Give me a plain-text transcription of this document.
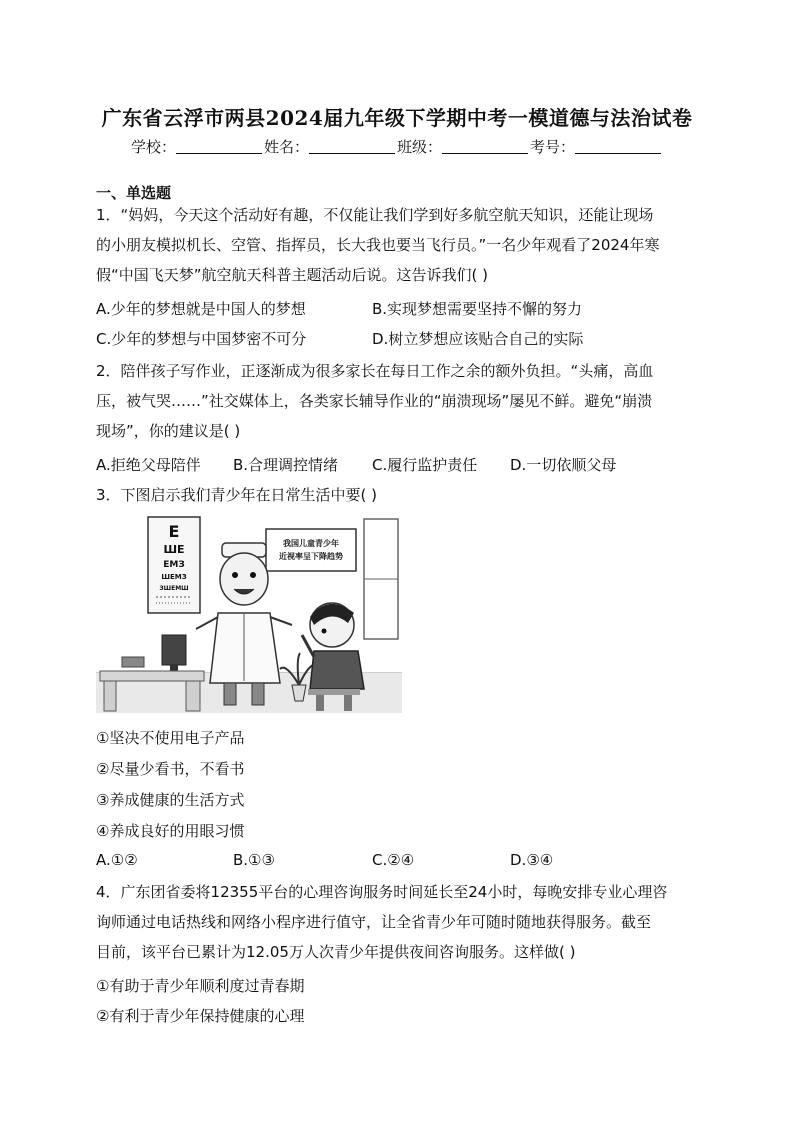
广东省云浮市两县2024届九年级下学期中考一模道德与法治试卷
学校：	姓名：	班级：	考号：
一、单选题
1．“妈妈，今天这个活动好有趣，不仅能让我们学到好多航空航天知识，还能让现场
的小朋友模拟机长、空管、指挥员，长大我也要当飞行员。”一名少年观看了2024年寒
假“中国飞天梦”航空航天科普主题活动后说。这告诉我们( )
A.少年的梦想就是中国人的梦想	B.实现梦想需要坚持不懈的努力
C.少年的梦想与中国梦密不可分	D.树立梦想应该贴合自己的实际
2．陪伴孩子写作业，正逐渐成为很多家长在每日工作之余的额外负担。“头痛，高血
压，被气哭……”社交媒体上，各类家长辅导作业的“崩溃现场”屡见不鲜。避免“崩溃
现场”，你的建议是( )
A.拒绝父母陪伴 B.合理调控情绪 C.履行监护责任 D.一切依顺父母
3．下图启示我们青少年在日常生活中要( )
E
ШE
EMЗ
ШЕМЗ
ЗШЕМШ
我国儿童青少年
近视率呈下降趋势
①坚决不使用电子产品
②尽量少看书，不看书
③养成健康的生活方式
④养成良好的用眼习惯
A.①②	B.①③	C.②④	D.③④
4．广东团省委将12355平台的心理咨询服务时间延长至24小时，每晚安排专业心理咨
询师通过电话热线和网络小程序进行值守，让全省青少年可随时随地获得服务。截至
目前，该平台已累计为12.05万人次青少年提供夜间咨询服务。这样做( )
①有助于青少年顺利度过青春期
②有利于青少年保持健康的心理
